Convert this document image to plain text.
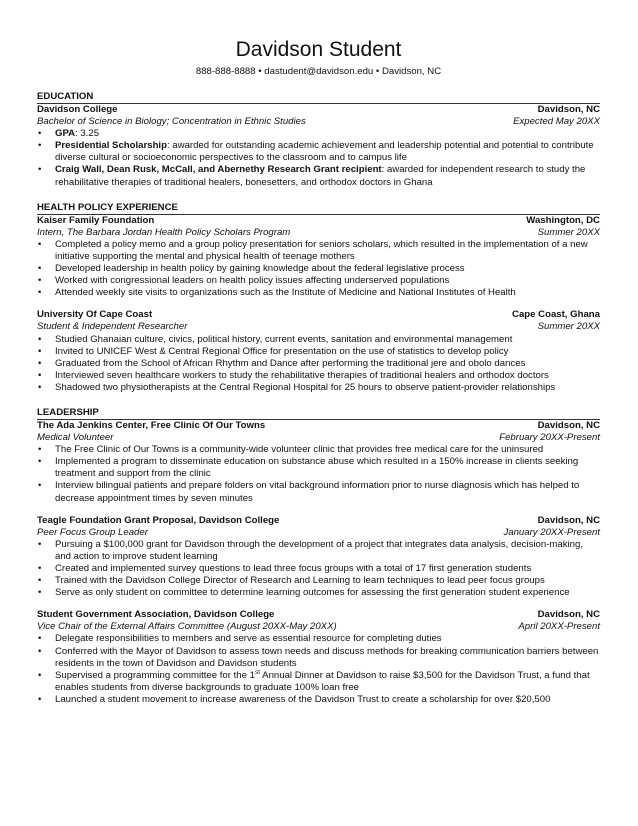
Davidson Student
888-888-8888 • dastudent@davidson.edu • Davidson, NC
EDUCATION
Davidson College	Davidson, NC
Bachelor of Science in Biology; Concentration in Ethnic Studies	Expected May 20XX
• GPA: 3.25
• Presidential Scholarship: awarded for outstanding academic achievement and leadership potential and potential to contribute diverse cultural or socioeconomic perspectives to the classroom and to campus life
• Craig Wall, Dean Rusk, McCall, and Abernethy Research Grant recipient: awarded for independent research to study the rehabilitative therapies of traditional healers, bonesetters, and orthodox doctors in Ghana
HEALTH POLICY EXPERIENCE
Kaiser Family Foundation	Washington, DC
Intern, The Barbara Jordan Health Policy Scholars Program	Summer 20XX
• Completed a policy memo and a group policy presentation for seniors scholars, which resulted in the implementation of a new initiative supporting the mental and physical health of teenage mothers
• Developed leadership in health policy by gaining knowledge about the federal legislative process
• Worked with congressional leaders on health policy issues affecting underserved populations
• Attended weekly site visits to organizations such as the Institute of Medicine and National Institutes of Health
University Of Cape Coast	Cape Coast, Ghana
Student & Independent Researcher	Summer 20XX
• Studied Ghanaian culture, civics, political history, current events, sanitation and environmental management
• Invited to UNICEF West & Central Regional Office for presentation on the use of statistics to develop policy
• Graduated from the School of African Rhythm and Dance after performing the traditional jere and obolo dances
• Interviewed seven healthcare workers to study the rehabilitative therapies of traditional healers and orthodox doctors
• Shadowed two physiotherapists at the Central Regional Hospital for 25 hours to observe patient-provider relationships
LEADERSHIP
The Ada Jenkins Center, Free Clinic Of Our Towns	Davidson, NC
Medical Volunteer	February 20XX-Present
• The Free Clinic of Our Towns is a community-wide volunteer clinic that provides free medical care for the uninsured
• Implemented a program to disseminate education on substance abuse which resulted in a 150% increase in clients seeking treatment and support from the clinic
• Interview bilingual patients and prepare folders on vital background information prior to nurse diagnosis which has helped to decrease appointment times by seven minutes
Teagle Foundation Grant Proposal, Davidson College	Davidson, NC
Peer Focus Group Leader	January 20XX-Present
• Pursuing a $100,000 grant for Davidson through the development of a project that integrates data analysis, decision-making, and action to improve student learning
• Created and implemented survey questions to lead three focus groups with a total of 17 first generation students
• Trained with the Davidson College Director of Research and Learning to learn techniques to lead peer focus groups
• Serve as only student on committee to determine learning outcomes for assessing the first generation student experience
Student Government Association, Davidson College	Davidson, NC
Vice Chair of the External Affairs Committee (August 20XX-May 20XX)	April 20XX-Present
• Delegate responsibilities to members and serve as essential resource for completing duties
• Conferred with the Mayor of Davidson to assess town needs and discuss methods for breaking communication barriers between residents in the town of Davidson and Davidson students
• Supervised a programming committee for the 1st Annual Dinner at Davidson to raise $3,500 for the Davidson Trust, a fund that enables students from diverse backgrounds to graduate 100% loan free
• Launched a student movement to increase awareness of the Davidson Trust to create a scholarship for over $20,500
